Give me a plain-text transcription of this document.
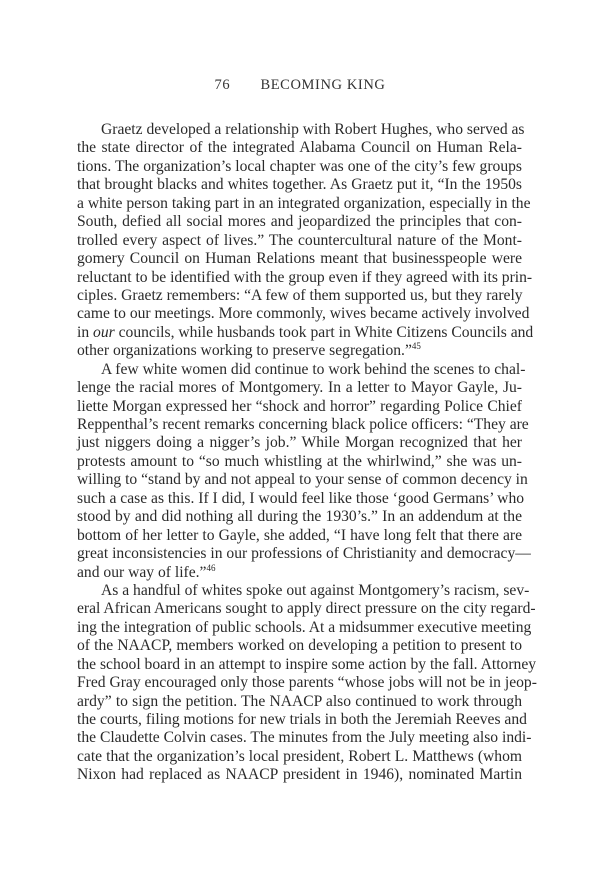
76 BECOMING KING
Graetz developed a relationship with Robert Hughes, who served as
the state director of the integrated Alabama Council on Human Rela-
tions. The organization’s local chapter was one of the city’s few groups
that brought blacks and whites together. As Graetz put it, “In the 1950s
a white person taking part in an integrated organization, especially in the
South, defied all social mores and jeopardized the principles that con-
trolled every aspect of lives.” The countercultural nature of the Mont-
gomery Council on Human Relations meant that businesspeople were
reluctant to be identified with the group even if they agreed with its prin-
ciples. Graetz remembers: “A few of them supported us, but they rarely
came to our meetings. More commonly, wives became actively involved
in our councils, while husbands took part in White Citizens Councils and
other organizations working to preserve segregation.”$^{45}$
A few white women did continue to work behind the scenes to chal-
lenge the racial mores of Montgomery. In a letter to Mayor Gayle, Ju-
liette Morgan expressed her “shock and horror” regarding Police Chief
Reppenthal’s recent remarks concerning black police officers: “They are
just niggers doing a nigger’s job.” While Morgan recognized that her
protests amount to “so much whistling at the whirlwind,” she was un-
willing to “stand by and not appeal to your sense of common decency in
such a case as this. If I did, I would feel like those ‘good Germans’ who
stood by and did nothing all during the 1930’s.” In an addendum at the
bottom of her letter to Gayle, she added, “I have long felt that there are
great inconsistencies in our professions of Christianity and democracy—
and our way of life.”$^{46}$
As a handful of whites spoke out against Montgomery’s racism, sev-
eral African Americans sought to apply direct pressure on the city regard-
ing the integration of public schools. At a midsummer executive meeting
of the NAACP, members worked on developing a petition to present to
the school board in an attempt to inspire some action by the fall. Attorney
Fred Gray encouraged only those parents “whose jobs will not be in jeop-
ardy” to sign the petition. The NAACP also continued to work through
the courts, filing motions for new trials in both the Jeremiah Reeves and
the Claudette Colvin cases. The minutes from the July meeting also indi-
cate that the organization’s local president, Robert L. Matthews (whom
Nixon had replaced as NAACP president in 1946), nominated Martin
